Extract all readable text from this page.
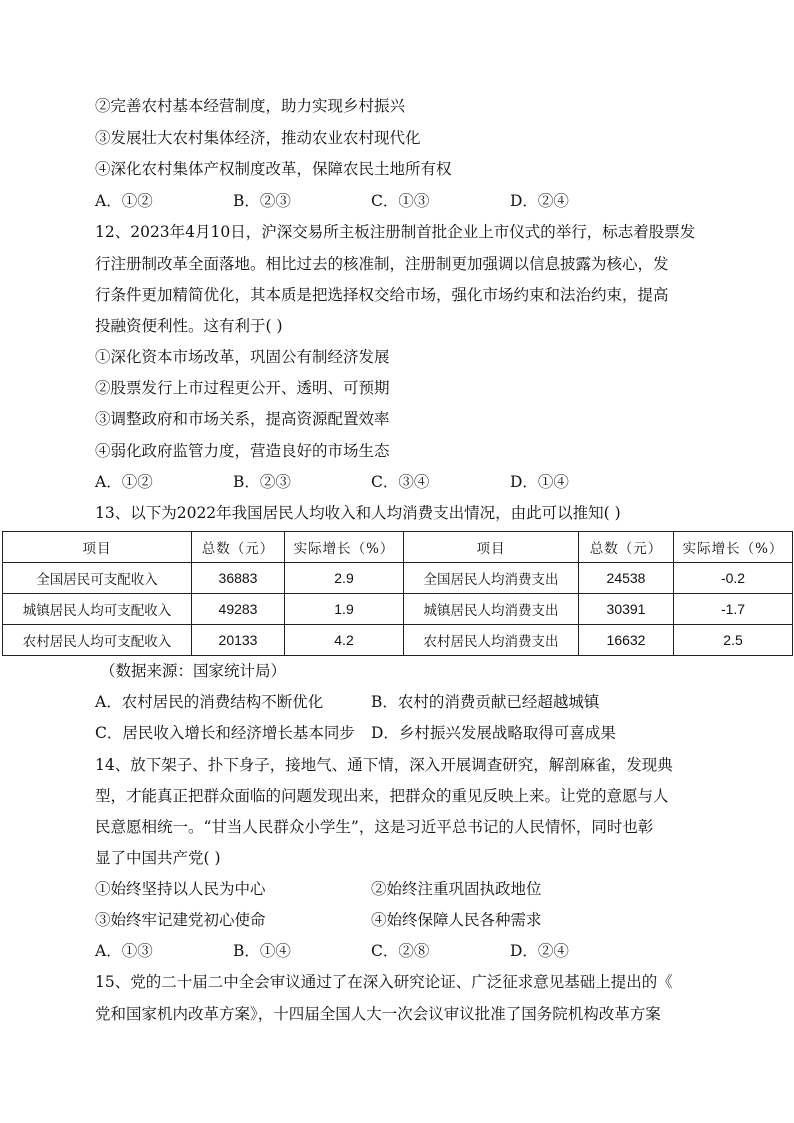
②完善农村基本经营制度，助力实现乡村振兴
③发展壮大农村集体经济，推动农业农村现代化
④深化农村集体产权制度改革，保障农民土地所有权
A．①②	B．②③	C．①③	D．②④
12、2023年4月10日，沪深交易所主板注册制首批企业上市仪式的举行，标志着股票发
行注册制改革全面落地。相比过去的核准制，注册制更加强调以信息披露为核心，发
行条件更加精简优化，其本质是把选择权交给市场，强化市场约束和法治约束，提高
投融资便利性。这有利于( )
①深化资本市场改革，巩固公有制经济发展
②股票发行上市过程更公开、透明、可预期
③调整政府和市场关系，提高资源配置效率
④弱化政府监管力度，营造良好的市场生态
A．①②	B．②③	C．③④	D．①④
13、以下为2022年我国居民人均收入和人均消费支出情况，由此可以推知( )
项目	总数（元）	实际增长（%）	项目	总数（元）	实际增长（%）
全国居民可支配收入	36883	2.9	全国居民人均消费支出	24538	-0.2
城镇居民人均可支配收入	49283	1.9	城镇居民人均消费支出	30391	-1.7
农村居民人均可支配收入	20133	4.2	农村居民人均消费支出	16632	2.5
（数据来源：国家统计局）
A．农村居民的消费结构不断优化	B．农村的消费贡献已经超越城镇
C．居民收入增长和经济增长基本同步 D．乡村振兴发展战略取得可喜成果
14、放下架子、扑下身子，接地气、通下情，深入开展调查研究，解剖麻雀，发现典
型，才能真正把群众面临的问题发现出来，把群众的重见反映上来。让党的意愿与人
民意愿相统一。“甘当人民群众小学生”，这是习近平总书记的人民情怀，同时也彰
显了中国共产党( )
①始终坚持以人民为中心	②始终注重巩固执政地位
③始终牢记建党初心使命	④始终保障人民各种需求
A．①③	B．①④	C．②⑧	D．②④
15、党的二十届二中全会审议通过了在深入研究论证、广泛征求意见基础上提出的《
党和国家机内改革方案》，十四届全国人大一次会议审议批准了国务院机构改革方案
